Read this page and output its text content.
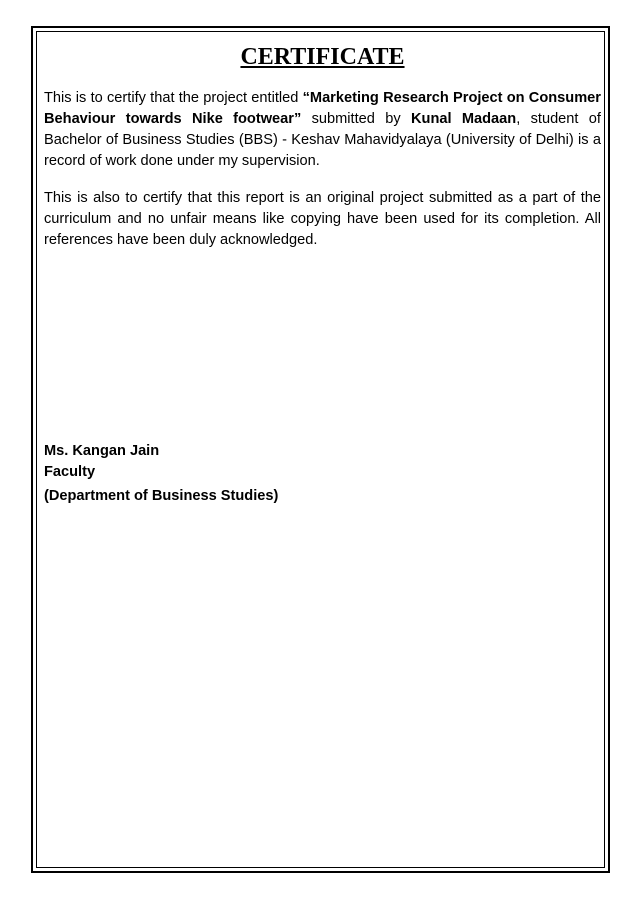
CERTIFICATE

This is to certify that the project entitled “Marketing Research Project on Consumer Behaviour towards Nike footwear” submitted by Kunal Madaan, student of Bachelor of Business Studies (BBS) - Keshav Mahavidyalaya (University of Delhi) is a record of work done under my supervision.

This is also to certify that this report is an original project submitted as a part of the curriculum and no unfair means like copying have been used for its completion. All references have been duly acknowledged.

Ms. Kangan Jain
Faculty
(Department of Business Studies)
